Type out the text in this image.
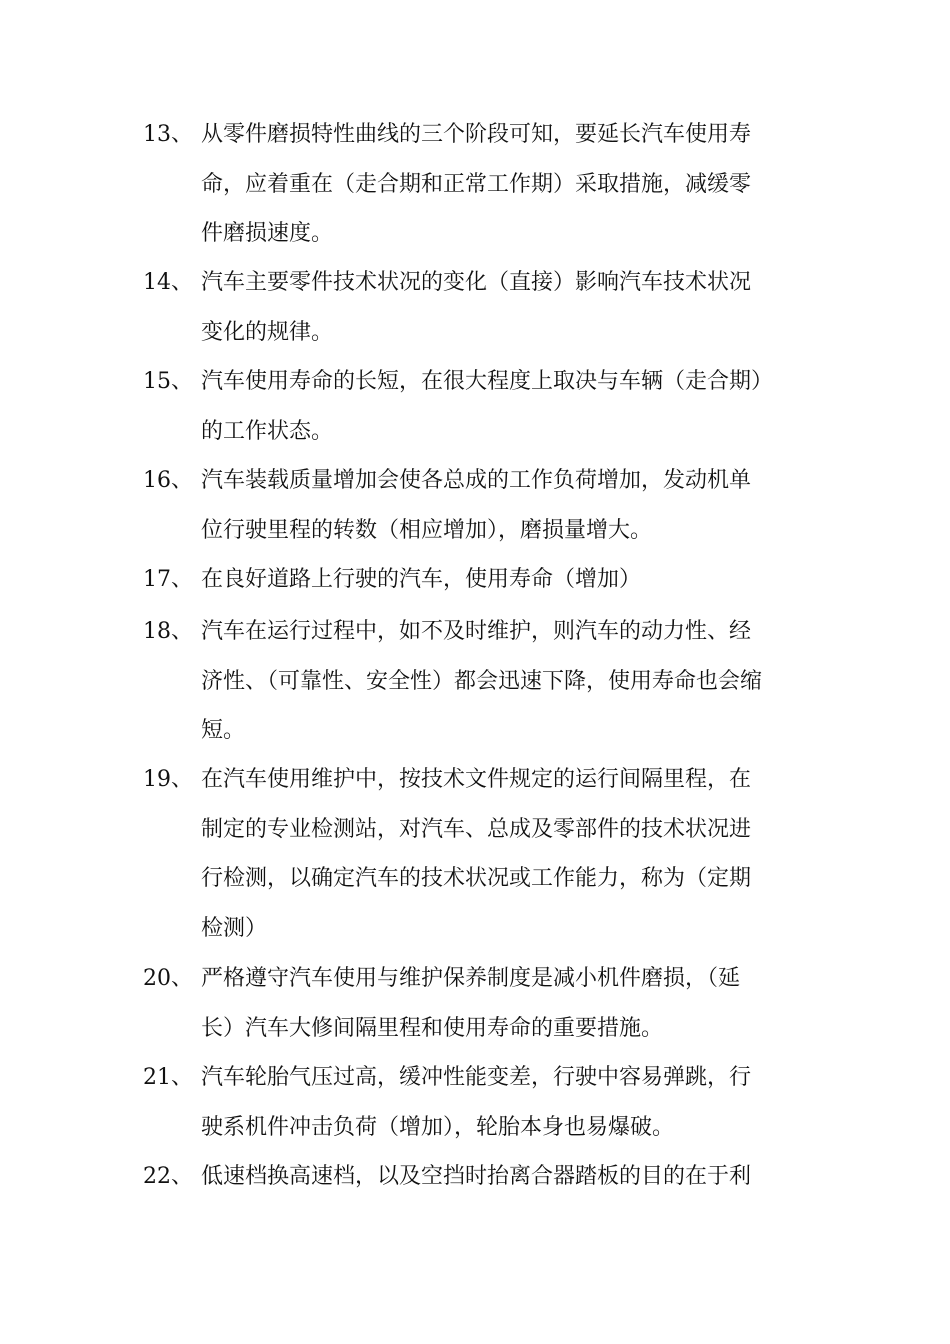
13、 从零件磨损特性曲线的三个阶段可知，要延长汽车使用寿
命，应着重在（走合期和正常工作期）采取措施，减缓零
件磨损速度。
14、 汽车主要零件技术状况的变化（直接）影响汽车技术状况
变化的规律。
15、 汽车使用寿命的长短，在很大程度上取决与车辆（走合期）
的工作状态。
16、 汽车装载质量增加会使各总成的工作负荷增加，发动机单
位行驶里程的转数（相应增加），磨损量增大。
17、 在良好道路上行驶的汽车，使用寿命（增加）
18、 汽车在运行过程中，如不及时维护，则汽车的动力性、经
济性、（可靠性、安全性）都会迅速下降，使用寿命也会缩
短。
19、 在汽车使用维护中，按技术文件规定的运行间隔里程，在
制定的专业检测站，对汽车、总成及零部件的技术状况进
行检测，以确定汽车的技术状况或工作能力，称为（定期
检测）
20、 严格遵守汽车使用与维护保养制度是减小机件磨损，（延
长）汽车大修间隔里程和使用寿命的重要措施。
21、 汽车轮胎气压过高，缓冲性能变差，行驶中容易弹跳，行
驶系机件冲击负荷（增加），轮胎本身也易爆破。
22、 低速档换高速档，以及空挡时抬离合器踏板的目的在于利
